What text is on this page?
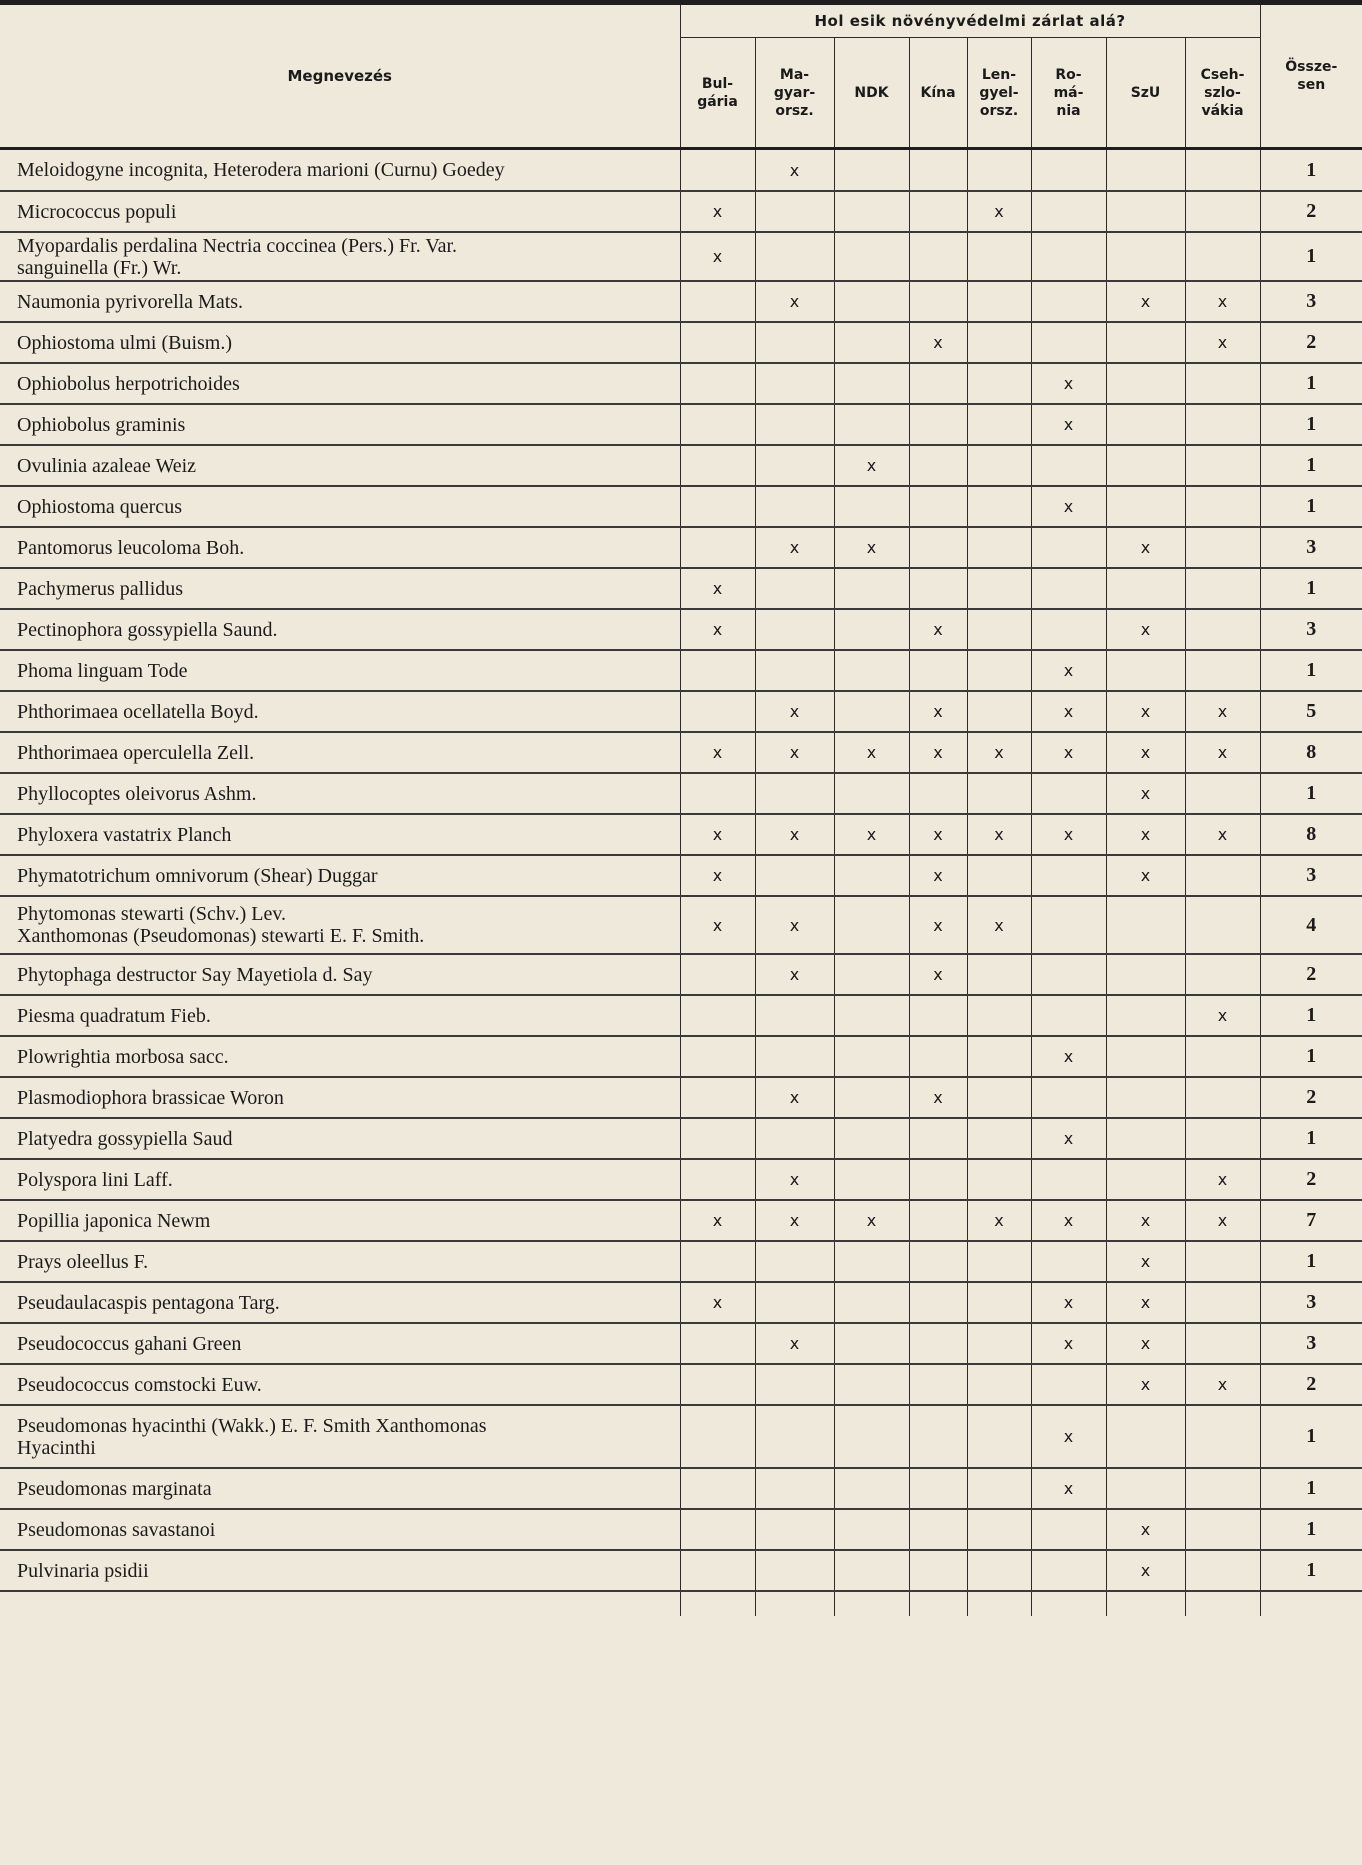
Megnevezés	Hol esik növényvédelmi zárlat alá?								Össze-
sen
	Bul-
gária	Ma-
gyar-
orsz.	NDK	Kína	Len-
gyel-
orsz.	Ro-
má-
nia	SzU	Cseh-
szlo-
vákia	
Meloidogyne incognita, Heterodera marioni (Curnu) Goedey		x							1
Micrococcus populi	x				x				2
Myopardalis perdalina Nectria coccinea (Pers.) Fr. Var.
sanguinella (Fr.) Wr.	x								1
Naumonia pyrivorella Mats.		x					x	x	3
Ophiostoma ulmi (Buism.)				x				x	2
Ophiobolus herpotrichoides						x			1
Ophiobolus graminis						x			1
Ovulinia azaleae Weiz			x						1
Ophiostoma quercus						x			1
Pantomorus leucoloma Boh.		x	x				x		3
Pachymerus pallidus	x								1
Pectinophora gossypiella Saund.	x			x			x		3
Phoma linguam Tode						x			1
Phthorimaea ocellatella Boyd.		x		x		x	x	x	5
Phthorimaea operculella Zell.	x	x	x	x	x	x	x	x	8
Phyllocoptes oleivorus Ashm.							x		1
Phyloxera vastatrix Planch	x	x	x	x	x	x	x	x	8
Phymatotrichum omnivorum (Shear) Duggar	x			x			x		3
Phytomonas stewarti (Schv.) Lev.
Xanthomonas (Pseudomonas) stewarti E. F. Smith.	x	x		x	x				4
Phytophaga destructor Say Mayetiola d. Say		x		x					2
Piesma quadratum Fieb.								x	1
Plowrightia morbosa sacc.						x			1
Plasmodiophora brassicae Woron		x		x					2
Platyedra gossypiella Saud						x			1
Polyspora lini Laff.		x						x	2
Popillia japonica Newm	x	x	x		x	x	x	x	7
Prays oleellus F.							x		1
Pseudaulacaspis pentagona Targ.	x					x	x		3
Pseudococcus gahani Green		x				x	x		3
Pseudococcus comstocki Euw.							x	x	2
Pseudomonas hyacinthi (Wakk.) E. F. Smith Xanthomonas
Hyacinthi						x			1
Pseudomonas marginata						x			1
Pseudomonas savastanoi							x		1
Pulvinaria psidii							x		1
